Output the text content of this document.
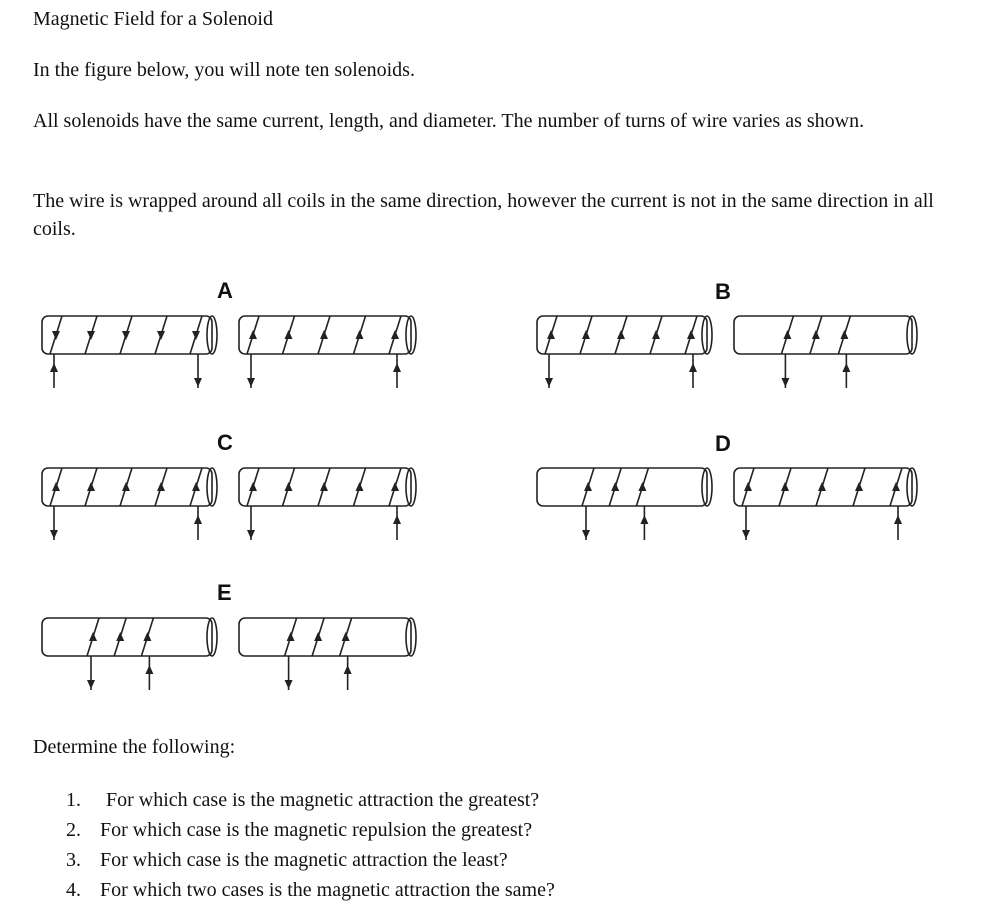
Magnetic Field for a Solenoid

In the figure below, you will note ten solenoids.

All solenoids have the same current, length, and diameter. The number of turns of wire varies as shown.

The wire is wrapped around all coils in the same direction, however the current is not in the same direction in all coils.

A	B
C	D
E

Determine the following:

1.	For which case is the magnetic attraction the greatest?
2. For which case is the magnetic repulsion the greatest?
3. For which case is the magnetic attraction the least?
4. For which two cases is the magnetic attraction the same?
